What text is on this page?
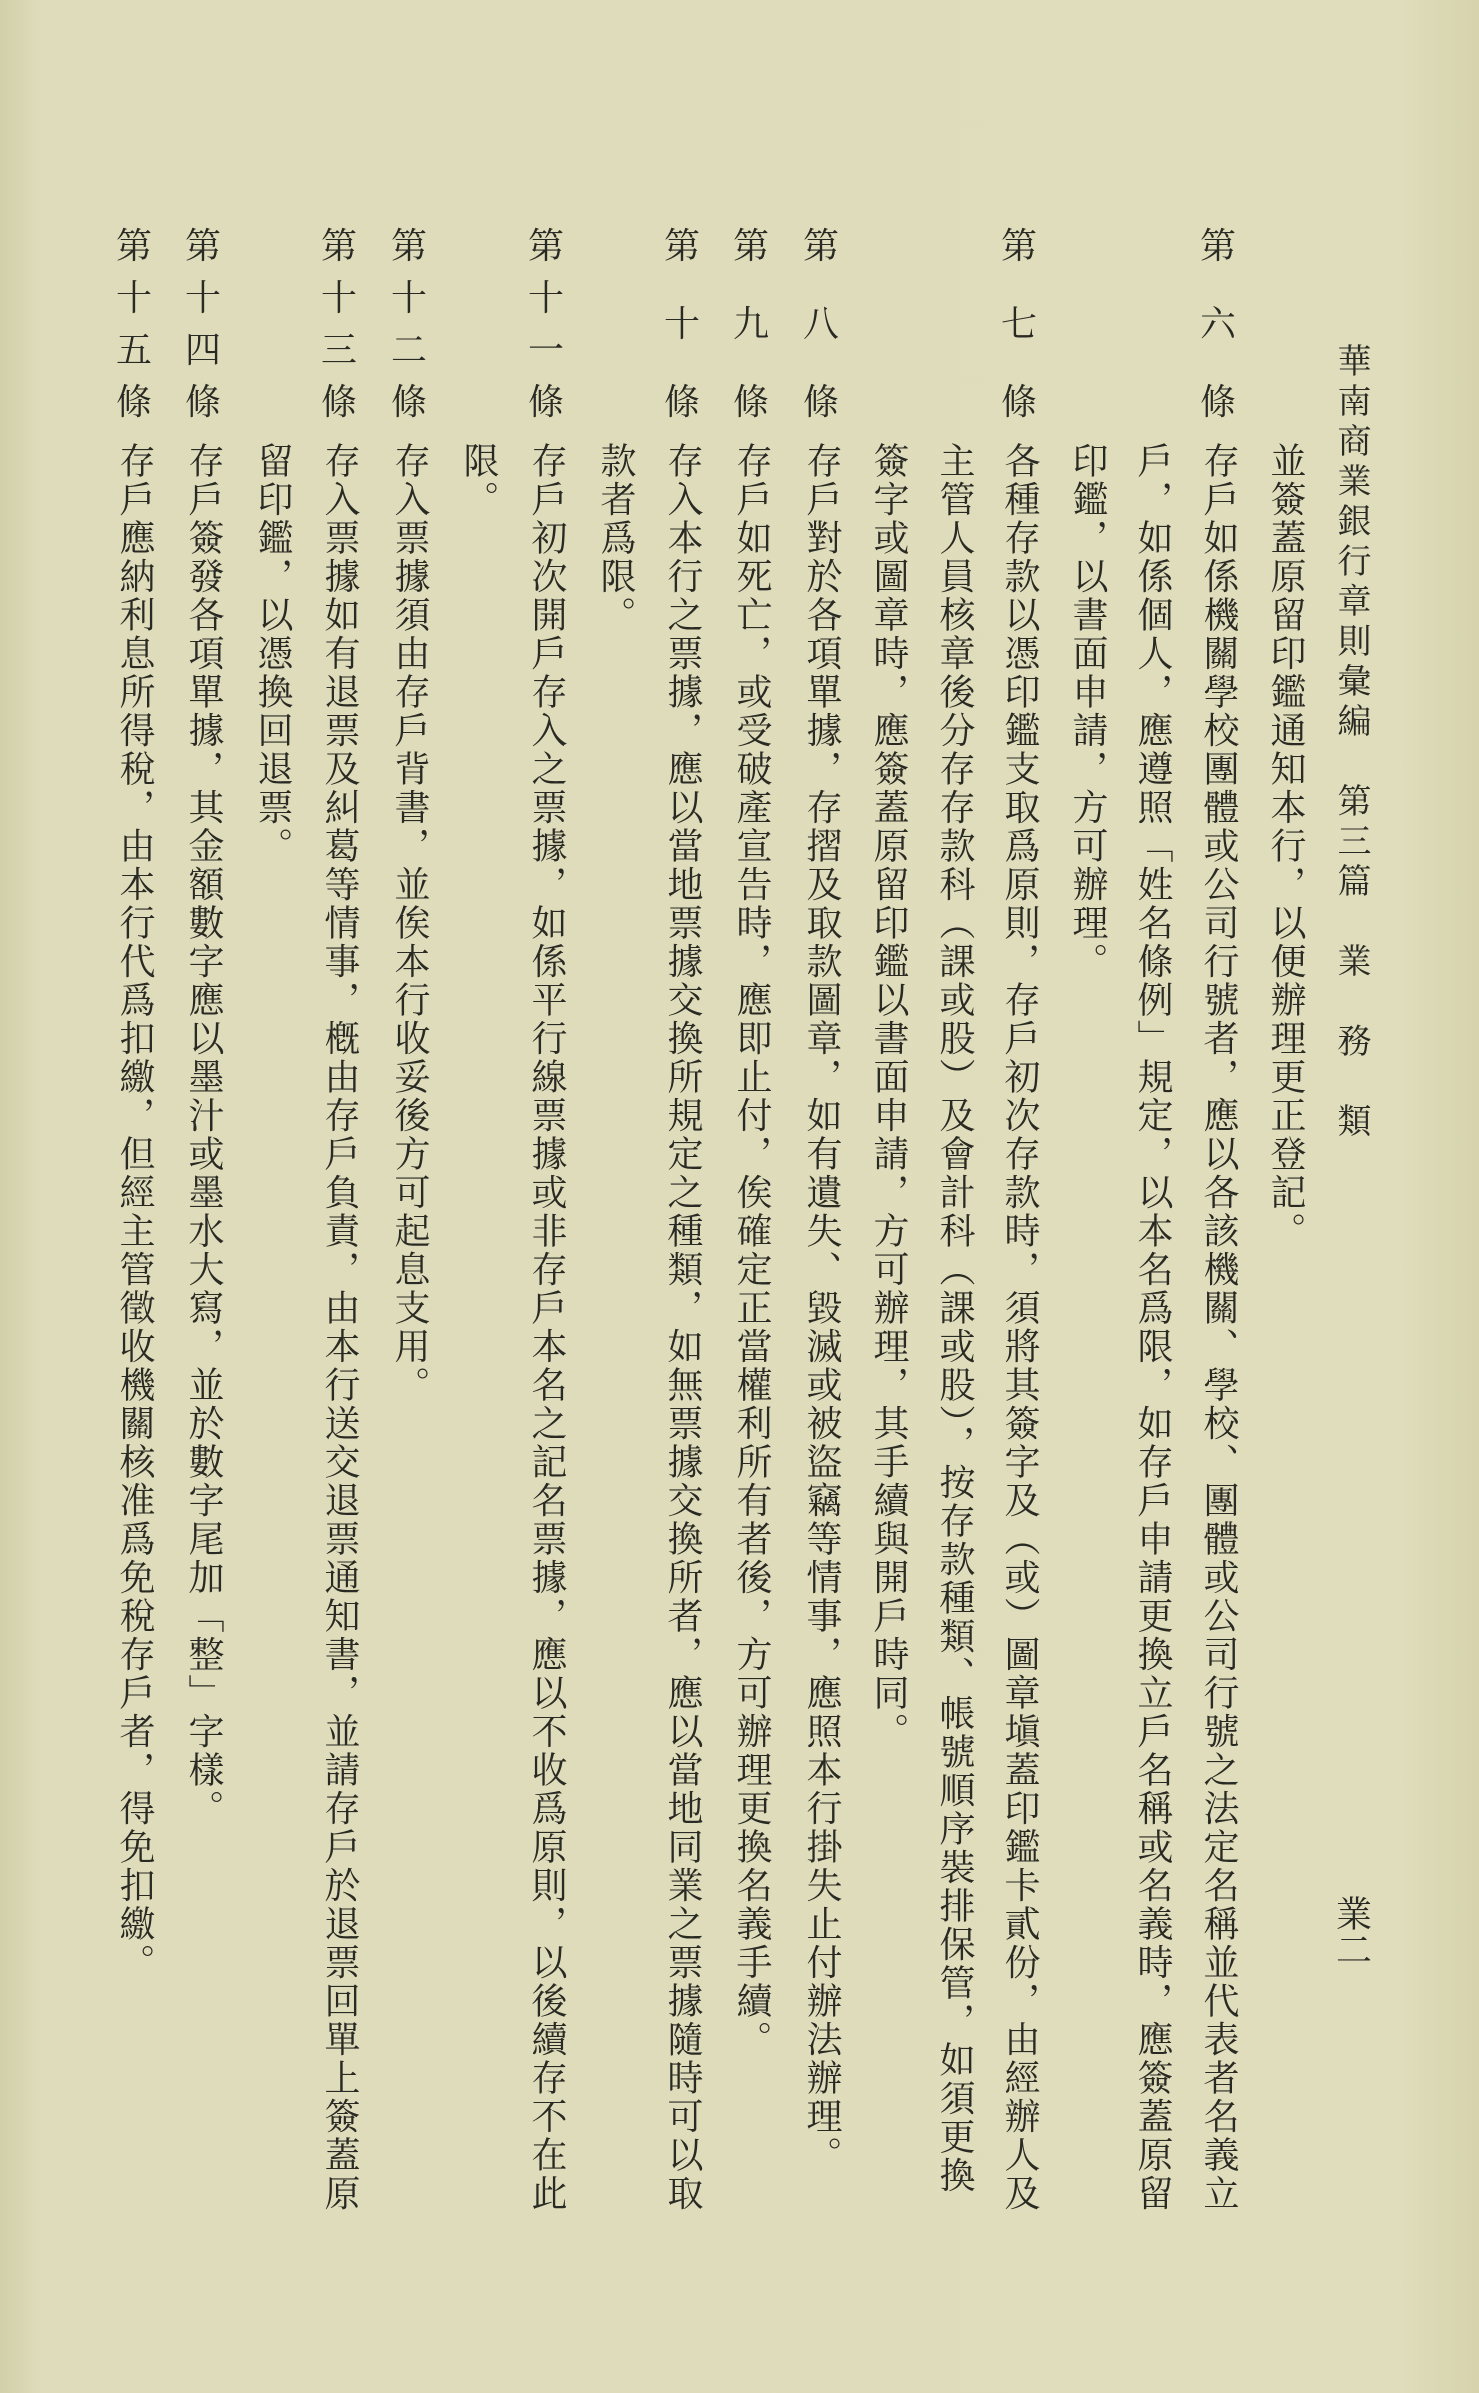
華南商業銀行章則彙編　第三篇　業　務　類
業二
並簽蓋原留印鑑通知本行，以便辦理更正登記。
第
六
條
存戶如係機關學校團體或公司行號者，應以各該機關、學校、團體或公司行號之法定名稱並代表者名義立
戶，如係個人，應遵照「姓名條例」規定，以本名爲限，如存戶申請更換立戶名稱或名義時，應簽蓋原留
印鑑，以書面申請，方可辦理。
第
七
條
各種存款以憑印鑑支取爲原則，存戶初次存款時，須將其簽字及（或）圖章塡蓋印鑑卡貳份，由經辦人及
主管人員核章後分存存款科（課或股）及會計科（課或股），按存款種類、帳號順序裝排保管，如須更換
簽字或圖章時，應簽蓋原留印鑑以書面申請，方可辦理，其手續與開戶時同。
第
八
條
存戶對於各項單據，存摺及取款圖章，如有遺失、毀滅或被盜竊等情事，應照本行掛失止付辦法辦理。
第
九
條
存戶如死亡，或受破產宣告時，應即止付，俟確定正當權利所有者後，方可辦理更換名義手續。
第
十
條
存入本行之票據，應以當地票據交換所規定之種類，如無票據交換所者，應以當地同業之票據隨時可以取
款者爲限。
第
十
一
條
存戶初次開戶存入之票據，如係平行線票據或非存戶本名之記名票據，應以不收爲原則，以後續存不在此
限。
第
十
二
條
存入票據須由存戶背書，並俟本行收妥後方可起息支用。
第
十
三
條
存入票據如有退票及糾葛等情事，槪由存戶負責，由本行送交退票通知書，並請存戶於退票回單上簽蓋原
留印鑑，以憑換回退票。
第
十
四
條
存戶簽發各項單據，其金額數字應以墨汁或墨水大寫，並於數字尾加「整」字樣。
第
十
五
條
存戶應納利息所得稅，由本行代爲扣繳，但經主管徵收機關核准爲免稅存戶者，得免扣繳。
